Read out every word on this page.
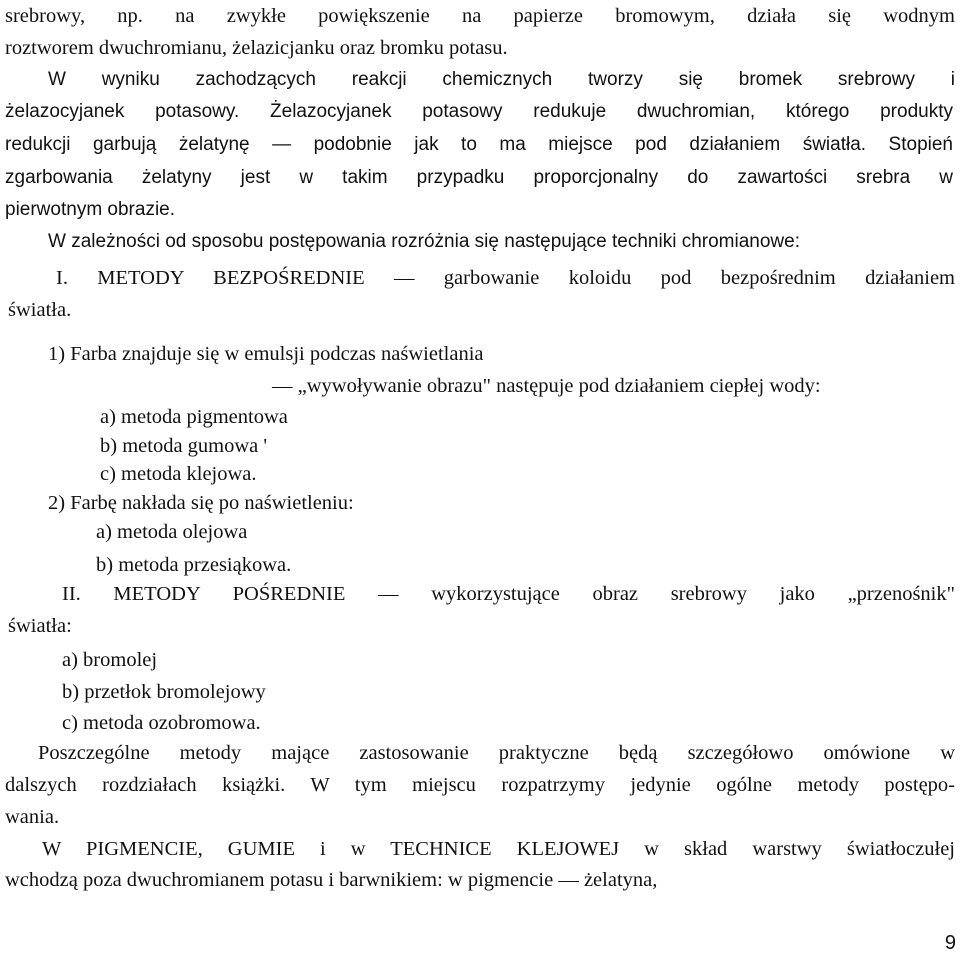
srebrowy, np. na zwykłe powiększenie na papierze bromowym, działa się wodnym
roztworem dwuchromianu, żelazicjanku oraz bromku potasu.
W wyniku zachodzących reakcji chemicznych tworzy się bromek srebrowy i
żelazocyjanek potasowy. Żelazocyjanek potasowy redukuje dwuchromian, którego produkty
redukcji garbują żelatynę — podobnie jak to ma miejsce pod działaniem światła. Stopień
zgarbowania żelatyny jest w takim przypadku proporcjonalny do zawartości srebra w
pierwotnym obrazie.
W zależności od sposobu postępowania rozróżnia się następujące techniki chromianowe:
I. METODY BEZPOŚREDNIE — garbowanie koloidu pod bezpośrednim działaniem
światła.
1) Farba znajduje się w emulsji podczas naświetlania
— „wywoływanie obrazu" następuje pod działaniem ciepłej wody:
a) metoda pigmentowa
b) metoda gumowa '
c) metoda klejowa.
2) Farbę nakłada się po naświetleniu:
a) metoda olejowa
b) metoda przesiąkowa.
II. METODY POŚREDNIE — wykorzystujące obraz srebrowy jako „przenośnik"
światła:
a) bromolej
b) przetłok bromolejowy
c) metoda ozobromowa.
Poszczególne metody mające zastosowanie praktyczne będą szczegółowo omówione w
dalszych rozdziałach książki. W tym miejscu rozpatrzymy jedynie ogólne metody postępo-
wania.
W PIGMENCIE, GUMIE i w TECHNICE KLEJOWEJ w skład warstwy światłoczułej
wchodzą poza dwuchromianem potasu i barwnikiem: w pigmencie — żelatyna,
9
